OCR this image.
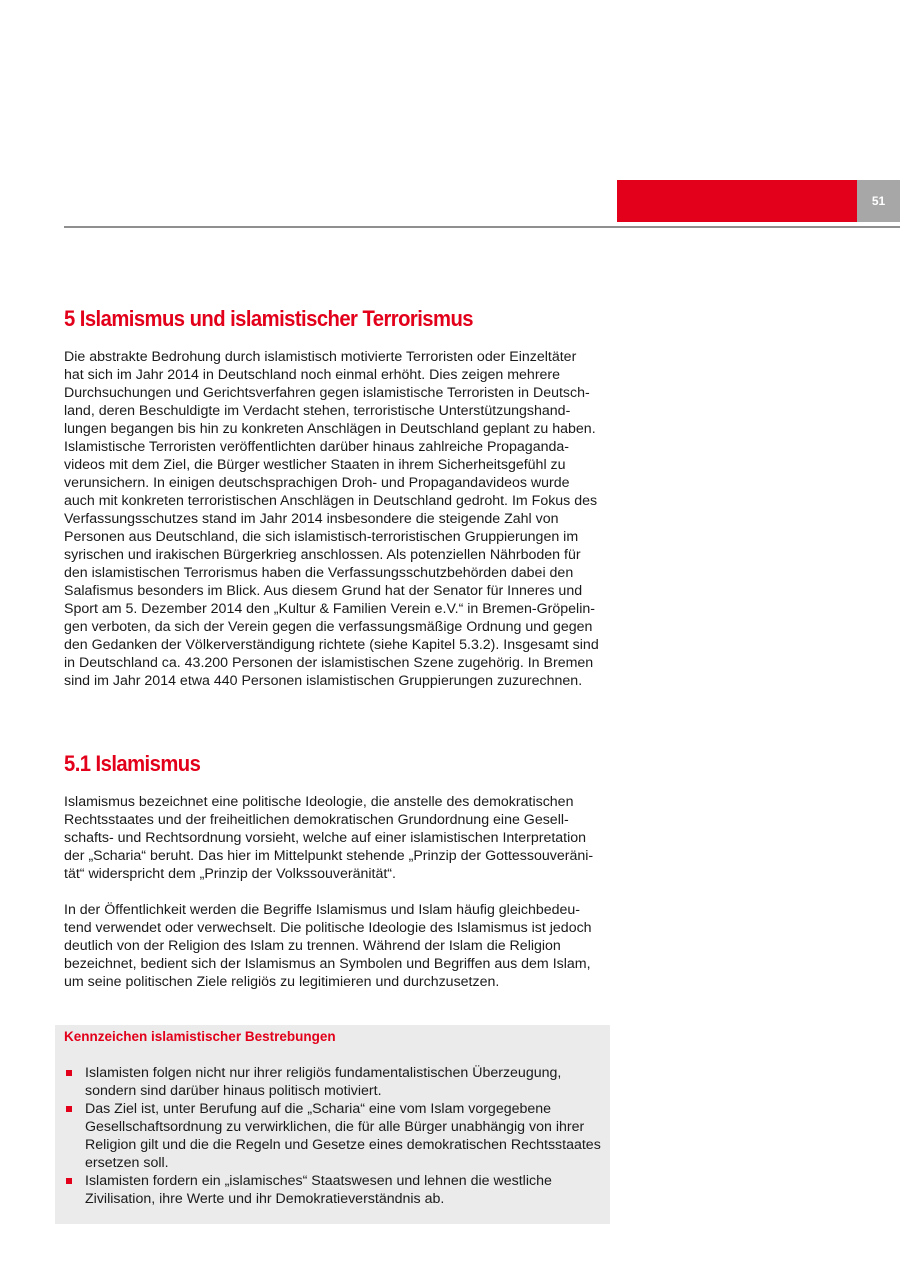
51
5 Islamismus und islamistischer Terrorismus
Die abstrakte Bedrohung durch islamistisch motivierte Terroristen oder Einzeltäter
hat sich im Jahr 2014 in Deutschland noch einmal erhöht. Dies zeigen mehrere
Durchsuchungen und Gerichtsverfahren gegen islamistische Terroristen in Deutsch-
land, deren Beschuldigte im Verdacht stehen, terroristische Unterstützungshand-
lungen begangen bis hin zu konkreten Anschlägen in Deutschland geplant zu haben.
Islamistische Terroristen veröffentlichten darüber hinaus zahlreiche Propaganda-
videos mit dem Ziel, die Bürger westlicher Staaten in ihrem Sicherheitsgefühl zu
verunsichern. In einigen deutschsprachigen Droh- und Propagandavideos wurde
auch mit konkreten terroristischen Anschlägen in Deutschland gedroht. Im Fokus des
Verfassungsschutzes stand im Jahr 2014 insbesondere die steigende Zahl von
Personen aus Deutschland, die sich islamistisch-terroristischen Gruppierungen im
syrischen und irakischen Bürgerkrieg anschlossen. Als potenziellen Nährboden für
den islamistischen Terrorismus haben die Verfassungsschutzbehörden dabei den
Salafismus besonders im Blick. Aus diesem Grund hat der Senator für Inneres und
Sport am 5. Dezember 2014 den „Kultur & Familien Verein e.V.“ in Bremen-Gröpelin-
gen verboten, da sich der Verein gegen die verfassungsmäßige Ordnung und gegen
den Gedanken der Völkerverständigung richtete (siehe Kapitel 5.3.2). Insgesamt sind
in Deutschland ca. 43.200 Personen der islamistischen Szene zugehörig. In Bremen
sind im Jahr 2014 etwa 440 Personen islamistischen Gruppierungen zuzurechnen.
5.1 Islamismus
Islamismus bezeichnet eine politische Ideologie, die anstelle des demokratischen
Rechtsstaates und der freiheitlichen demokratischen Grundordnung eine Gesell-
schafts- und Rechtsordnung vorsieht, welche auf einer islamistischen Interpretation
der „Scharia“ beruht. Das hier im Mittelpunkt stehende „Prinzip der Gottessouveräni-
tät“ widerspricht dem „Prinzip der Volkssouveränität“.
In der Öffentlichkeit werden die Begriffe Islamismus und Islam häufig gleichbedeu-
tend verwendet oder verwechselt. Die politische Ideologie des Islamismus ist jedoch
deutlich von der Religion des Islam zu trennen. Während der Islam die Religion
bezeichnet, bedient sich der Islamismus an Symbolen und Begriffen aus dem Islam,
um seine politischen Ziele religiös zu legitimieren und durchzusetzen.

Kennzeichen islamistischer Bestrebungen

Islamisten folgen nicht nur ihrer religiös fundamentalistischen Überzeugung,
sondern sind darüber hinaus politisch motiviert.
Das Ziel ist, unter Berufung auf die „Scharia“ eine vom Islam vorgegebene
Gesellschaftsordnung zu verwirklichen, die für alle Bürger unabhängig von ihrer
Religion gilt und die die Regeln und Gesetze eines demokratischen Rechtsstaates
ersetzen soll.
Islamisten fordern ein „islamisches“ Staatswesen und lehnen die westliche
Zivilisation, ihre Werte und ihr Demokratieverständnis ab.
